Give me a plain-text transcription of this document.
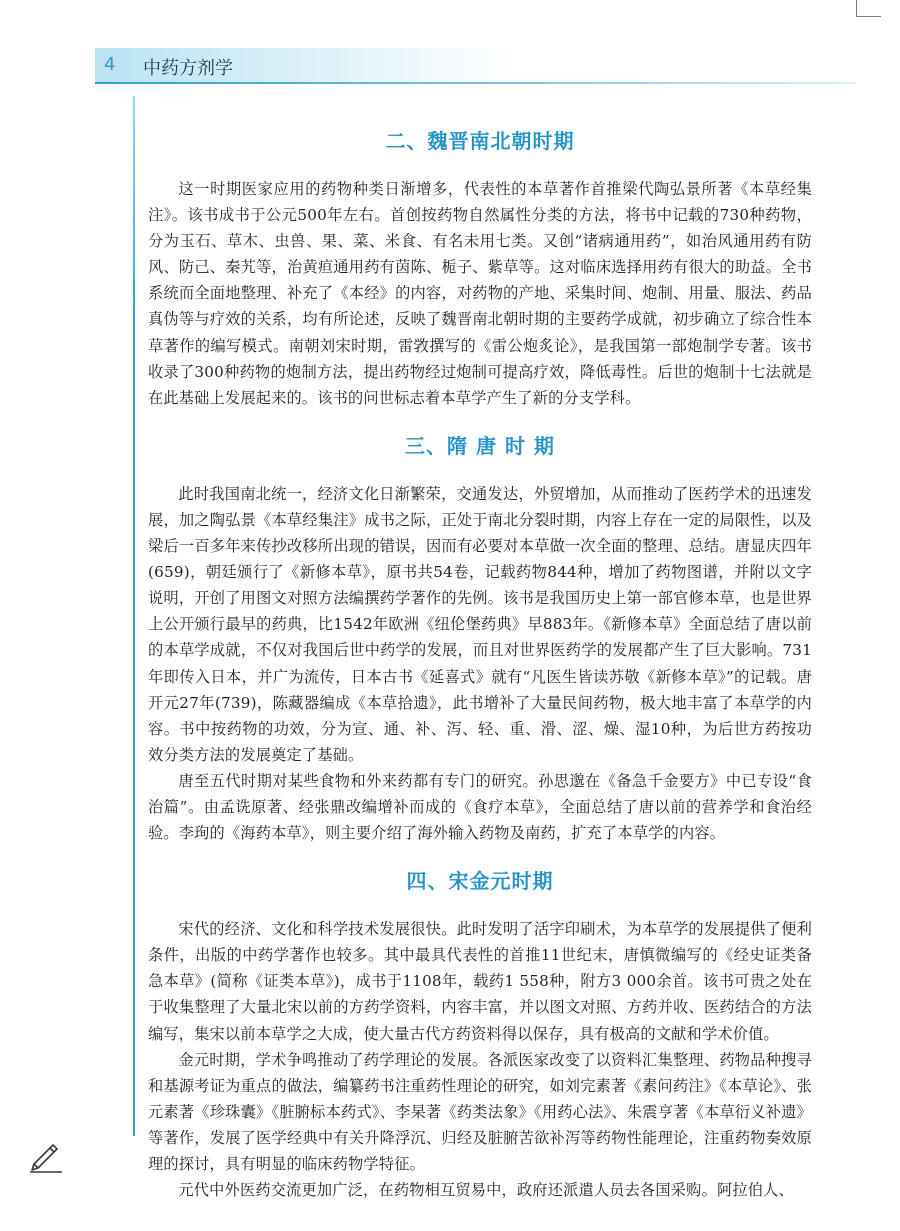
4 中药方剂学
二、魏晋南北朝时期

这一时期医家应用的药物种类日渐增多，代表性的本草著作首推梁代陶弘景所著《本草经集注》。该书成书于公元500年左右。首创按药物自然属性分类的方法，将书中记载的730种药物，分为玉石、草木、虫兽、果、菜、米食、有名未用七类。又创“诸病通用药”，如治风通用药有防风、防己、秦艽等，治黄疸通用药有茵陈、栀子、紫草等。这对临床选择用药有很大的助益。全书系统而全面地整理、补充了《本经》的内容，对药物的产地、采集时间、炮制、用量、服法、药品真伪等与疗效的关系，均有所论述，反映了魏晋南北朝时期的主要药学成就，初步确立了综合性本草著作的编写模式。南朝刘宋时期，雷敩撰写的《雷公炮炙论》，是我国第一部炮制学专著。该书收录了300种药物的炮制方法，提出药物经过炮制可提高疗效，降低毒性。后世的炮制十七法就是在此基础上发展起来的。该书的问世标志着本草学产生了新的分支学科。

三、隋 唐 时 期

此时我国南北统一，经济文化日渐繁荣，交通发达，外贸增加，从而推动了医药学术的迅速发展，加之陶弘景《本草经集注》成书之际，正处于南北分裂时期，内容上存在一定的局限性，以及梁后一百多年来传抄改移所出现的错误，因而有必要对本草做一次全面的整理、总结。唐显庆四年(659)，朝廷颁行了《新修本草》，原书共54卷，记载药物844种，增加了药物图谱，并附以文字说明，开创了用图文对照方法编撰药学著作的先例。该书是我国历史上第一部官修本草，也是世界上公开颁行最早的药典，比1542年欧洲《纽伦堡药典》早883年。《新修本草》全面总结了唐以前的本草学成就，不仅对我国后世中药学的发展，而且对世界医药学的发展都产生了巨大影响。731年即传入日本，并广为流传，日本古书《延喜式》就有“凡医生皆读苏敬《新修本草》”的记载。唐开元27年(739)，陈藏器编成《本草拾遗》，此书增补了大量民间药物，极大地丰富了本草学的内容。书中按药物的功效，分为宣、通、补、泻、轻、重、滑、涩、燥、湿10种，为后世方药按功效分类方法的发展奠定了基础。

唐至五代时期对某些食物和外来药都有专门的研究。孙思邈在《备急千金要方》中已专设“食治篇”。由孟诜原著、经张鼎改编增补而成的《食疗本草》，全面总结了唐以前的营养学和食治经验。李珣的《海药本草》，则主要介绍了海外输入药物及南药，扩充了本草学的内容。

四、宋金元时期

宋代的经济、文化和科学技术发展很快。此时发明了活字印刷术，为本草学的发展提供了便利条件，出版的中药学著作也较多。其中最具代表性的首推11世纪末，唐慎微编写的《经史证类备急本草》(简称《证类本草》)，成书于1108年，载药1 558种，附方3 000余首。该书可贵之处在于收集整理了大量北宋以前的方药学资料，内容丰富，并以图文对照、方药并收、医药结合的方法编写，集宋以前本草学之大成，使大量古代方药资料得以保存，具有极高的文献和学术价值。

金元时期，学术争鸣推动了药学理论的发展。各派医家改变了以资料汇集整理、药物品种搜寻和基源考证为重点的做法，编纂药书注重药性理论的研究，如刘完素著《素问药注》《本草论》、张元素著《珍珠囊》《脏腑标本药式》、李杲著《药类法象》《用药心法》、朱震亨著《本草衍义补遗》等著作，发展了医学经典中有关升降浮沉、归经及脏腑苦欲补泻等药物性能理论，注重药物奏效原理的探讨，具有明显的临床药物学特征。

元代中外医药交流更加广泛，在药物相互贸易中，政府还派遣人员去各国采购。阿拉伯人、
